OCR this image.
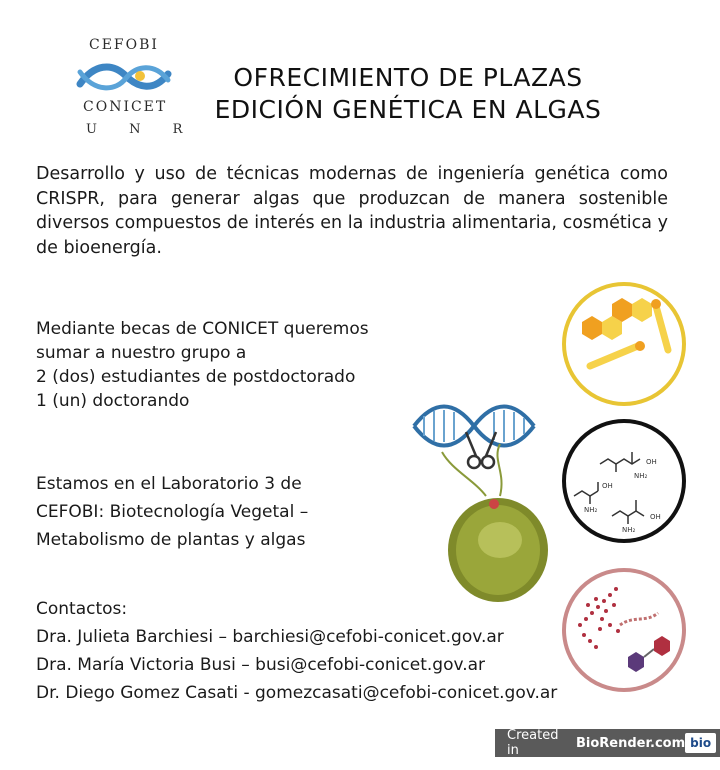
CEFOBI
CONICET
U N R
OFRECIMIENTO DE PLAZAS
EDICIÓN GENÉTICA EN ALGAS
Desarrollo y uso de técnicas modernas de ingeniería genética como CRISPR, para generar algas que produzcan de manera sostenible diversos compuestos de interés en la industria alimentaria, cosmética y de bioenergía.
Mediante becas de CONICET queremos
sumar a nuestro grupo a
2 (dos) estudiantes de postdoctorado
1 (un) doctorando
Estamos en el Laboratorio 3 de
CEFOBI: Biotecnología Vegetal –
Metabolismo de plantas y algas
Contactos:
Dra. Julieta Barchiesi – barchiesi@cefobi-conicet.gov.ar
Dra. María Victoria Busi – busi@cefobi-conicet.gov.ar
Dr. Diego Gomez Casati - gomezcasati@cefobi-conicet.gov.ar
OH
NH₂
OH
NH₂
OH
NH₂
Created in	BioRender.com bio
